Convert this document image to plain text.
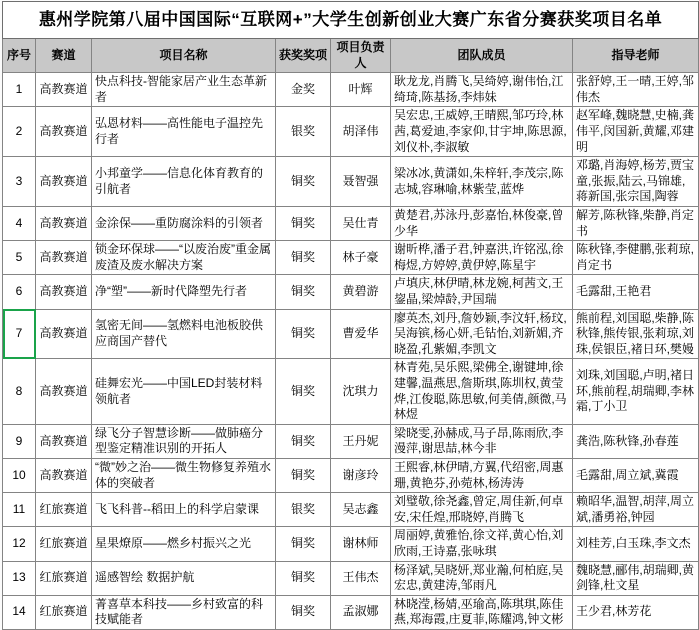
惠州学院第八届中国国际“互联网+”大学生创新创业大赛广东省分赛获奖项目名单						
序号	赛道	项目名称	获奖奖项	项目负责人	团队成员	指导老师
1	高教赛道	快点科技-智能家居产业生态革新者	金奖	叶辉	耿龙龙,肖腾飞,吴绮婷,谢伟怡,江绮琦,陈基扬,李炜妹	张舒婷,王一晴,王婷,邹伟杰
2	高教赛道	弘恩材料——高性能电子温控先行者	银奖	胡泽伟	吴宏忠,王威婷,王晴熙,邹巧玲,林茜,葛爱迪,李家仰,甘宇坤,陈思源,刘仪朴,李淑敏	赵军峰,魏晓慧,史楠,龚伟平,闵国新,黄耀,邓建明
3	高教赛道	小邦童学——信息化体育教育的引航者	铜奖	聂智强	梁冰冰,黄潇如,朱梓轩,李茂宗,陈志城,容琳喻,林紫莹,蓝烨	邓璐,肖海婷,杨芳,贾宝童,张振,陆云,马锦雄,蒋新国,张宗国,陶蓉
4	高教赛道	金涂保——重防腐涂料的引领者	铜奖	吴仕青	黄楚君,苏泳丹,彭嘉怡,林俊豪,曾少华	解芳,陈秋锋,柴静,肖定书
5	高教赛道	锁金环保球——“以废治废”重金属废渣及废水解决方案	铜奖	林子豪	谢昕桦,潘子君,钟嘉洪,许铭泓,徐梅煜,方婷婷,黄伊婷,陈星宇	陈秋锋,李健鹏,张莉琼,肖定书
6	高教赛道	净“塑”——新时代降塑先行者	铜奖	黄碧游	卢填庆,林伊晴,林龙婉,柯茜文,王鋆晶,梁焯龄,尹国瑞	毛露甜,王艳君
7	高教赛道	氢密无间——氢燃料电池板胶供应商国产替代	铜奖	曹爱华	廖英杰,刘丹,詹妙颖,李汶轩,杨玟,吴海镔,杨心妍,毛钻怡,刘新媚,齐晓盈,孔紫媚,李凯文	熊前程,刘国聪,柴静,陈秋锋,熊传银,张莉琼,刘珠,侯银臣,褚日环,樊嫚
8	高教赛道	硅舞宏光——中国LED封装材料领航者	铜奖	沈琪力	林青苑,吴乐熙,梁佛全,谢键坤,徐建馨,温燕思,詹斯琪,陈圳权,黄莹烨,江俊聪,陈思敏,何美倩,颜微,马林煜	刘珠,刘国聪,卢明,褚日环,熊前程,胡瑞卿,李林霜,丁小卫
9	高教赛道	绿飞分子智慧诊断——做肺癌分型鉴定精准识别的开拓人	铜奖	王丹妮	梁晓雯,孙赫成,马子昂,陈雨欣,李漫萍,谢思喆,林今非	龚浩,陈秋锋,孙春莲
10	高教赛道	“微”妙之治——微生物修复养殖水体的突破者	铜奖	谢彦玲	王熙睿,林伊晴,方翼,代绍密,周惠珊,黄艳芬,孙菀林,杨涛涛	毛露甜,周立斌,冀霞
11	红旅赛道	飞飞科普--稻田上的科学启蒙课	银奖	吴志鑫	刘璧敬,徐尧鑫,曾定,周佳新,何卓安,宋任煌,邢晓婷,肖腾飞	赖昭华,温智,胡萍,周立斌,潘勇裕,钟园
12	红旅赛道	星果燎原——燃乡村振兴之光	铜奖	谢林师	周丽婷,黄雅怡,徐文祥,黄心怡,刘欣雨,王诗嘉,张咏琪	刘桂芳,白玉珠,李文杰
13	红旅赛道	遥感智绘 数据护航	铜奖	王伟杰	杨泽斌,吴晓妍,郑业瀚,何柏庭,吴宏忠,黄建涛,邹雨凡	魏晓慧,郦伟,胡瑞卿,黄剑锋,杜文星
14	红旅赛道	菁喜草本科技——乡村致富的科技赋能者	铜奖	孟淑娜	林晓滢,杨婧,巫瑜高,陈琪琪,陈佳燕,郑海霞,庄夏菲,陈耀鸿,钟文彬	王少君,林芳花
